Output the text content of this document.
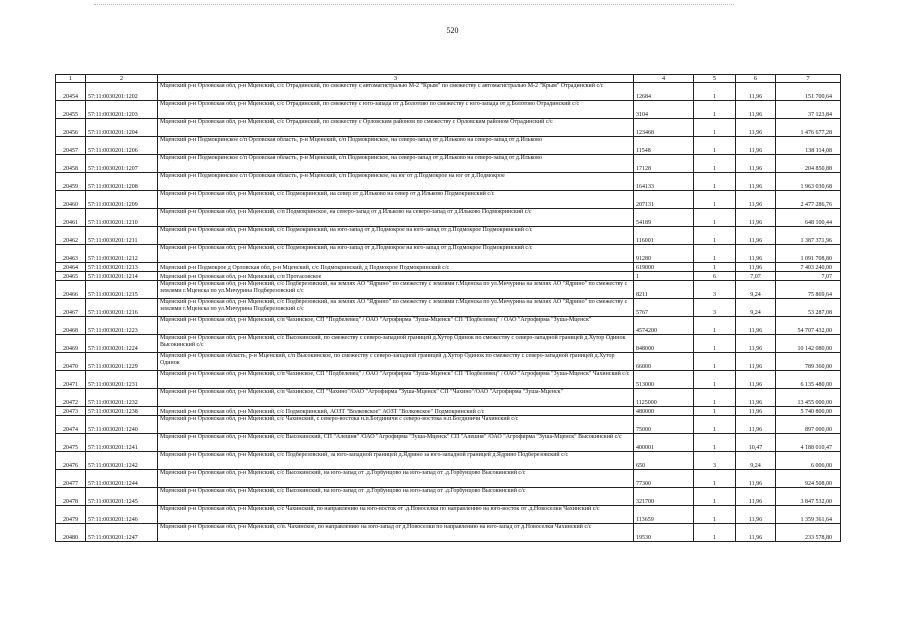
520
1	2	3	4	5	6	7
20454	57:11:0030201:1202	Мценский р-н Орловская обл, р-н Мценский, с/с Отрадинский, по смежеству с автомагистралью М-2 "Крым" по смежеству с автомагистралью М-2 "Крым" Отрадинский с/с	12684	1	11,96	151 700,64
20455	57:11:0030201:1203	Мценский р-н Орловская обл, р-н Мценский, с/с Отрадинский, по смежеству с юго-запада от д.Болотово по смежеству с юго-запада от д.Болотово Отрадинский с/с	3104	1	11,96	37 123,84
20456	57:11:0030201:1204	Мценский р-н Орловская обл, р-н Мценский, с/с Отрадинский, по смежеству с Орловским районом по смежеству с Орловским районом Отрадинский с/с	123468	1	11,96	1 476 677,28
20457	57:11:0030201:1206	Мценский р-н Подмокринское с/п Орловская область, р-н Мценский, с/п Подмокринское, на северо-запад от д.Ильково на северо-запад от д.Ильково	11548	1	11,96	138 114,08
20458	57:11:0030201:1207	Мценский р-н Подмокринское с/п Орловская область, р-н Мценский, с/п Подмокринское, на северо-запад от д.Ильково на северо-запад от д.Ильково	17128	1	11,96	204 850,88
20459	57:11:0030201:1208	Мценский р-н Подмокринское с/п Орловская область, р-н Мценский, с/п Подмокринское, на юг от д.Подмокрое на юг от д.Подмокрое	164133	1	11,96	1 963 030,68
20460	57:11:0030201:1209	Мценский р-н Орловская обл, р-н Мценский, с/с Подмокринский, на север от д.Ильково на север от д.Ильково Подмокринский с/с	207131	1	11,96	2 477 286,76
20461	57:11:0030201:1210	Мценский р-н Орловская обл, р-н Мценский, с/п Подмокринское, на северо-запад от д.Ильково на северо-запад от д.Ильково Подмокринский с/с	54189	1	11,96	648 100,44
20462	57:11:0030201:1211	Мценский р-н Орловская обл, р-н Мценский, с/с Подмокринский, на юго-запад от д.Подмокрое на юго-запад от д.Подмокрое Подмокринский с/с	116001	1	11,96	1 387 371,96
20463	57:11:0030201:1212	Мценский р-н Орловская обл, р-н Мценский, с/с Подмокринский, на юго-запад от д.Подмокрое на юго-запад от д.Подмокрое Подмокринский с/с	91280	1	11,96	1 091 708,80
20464	57:11:0030201:1213	Мценский р-н Подмокрое д Орловская обл, р-н Мценский, с/с Подмокринский, д Подмокрое Подмокринский с/с	619000	1	11,96	7 403 240,00
20465	57:11:0030201:1214	Мценский р-н Орловская обл, р-н Мценский, с/п Протасовское	1	6	7,07	7,07
20466	57:11:0030201:1215	Мценский р-н Орловская обл, р-н Мценский, с/с Подберезовский, на землях АО "Ядрино" по смежеству с землями г.Мценска по ул.Мичурина на землях АО "Ядрино" по смежеству с землями г.Мценска по ул.Мичурина Подберезовский с/с	8211	3	9,24	75 869,64
20467	57:11:0030201:1216	Мценский р-н Орловская обл, р-н Мценский, с/с Подберезовский, на землях АО "Ядрино" по смежеству с землями г.Мценска по ул.Мичурина на землях АО "Ядрино" по смежеству с землями г.Мценска по ул.Мичурина Подберезовский с/с	5767	3	9,24	53 287,08
20468	57:11:0030201:1223	Мценский р-н Орловская обл, р-н Мценский, с/п Чахинское, СП "Подбелевец" / ОАО "Агрофирма "Зуша-Мценск" СП "Подбелевец" / ОАО "Агрофирма "Зуша-Мценск"	4574200	1	11,96	54 707 432,00
20469	57:11:0030201:1224	Мценский р-н Орловская обл, р-н Мценский, с/с Высокинский, по смежеству с северо-западной границей д.Хутор Одинок по смежеству с северо-западной границей д.Хутор Одинок Высокинский с/с	848000	1	11,96	10 142 080,00
20470	57:11:0030201:1229	Мценский р-н Орловская область, р-н Мценский, с/п Высокинское, по смежеству с северо-западной границей д.Хутор Одинок по смежеству с северо-западной границей д.Хутор Одинок	66000	1	11,96	789 360,00
20471	57:11:0030201:1231	Мценский р-н Орловская обл, р-н Мценский, с/п Чахинское, СП "Подбелевец" / ОАО "Агрофирма "Зуша-Мценск" СП "Подбелевец" / ОАО "Агрофирма "Зуша-Мценск" Чахинский с/с	513000	1	11,96	6 135 480,00
20472	57:11:0030201:1232	Мценский р-н Орловская обл, р-н Мценский, с/п Чахинское, СП "Чахино"/ОАО "Агрофирма "Зуша-Мценск" СП "Чахино"/ОАО "Агрофирма "Зуша-Мценск"	1125000	1	11,96	13 455 000,00
20473	57:11:0030201:1238	Мценский р-н Орловская обл, р-н Мценский, с/с Подмокринский, АОЗТ "Волковское" АОЗТ "Волковское" Подмокринский с/с	480000	1	11,96	5 740 800,00
20474	57:11:0030201:1240	Мценский р-н Орловская обл, р-н Мценский, с/с Чахинский, с северо-востока н.п.Богдиничи с северо-востока н.п.Богдиничи Чахинский с/с	75000	1	11,96	897 000,00
20475	57:11:0030201:1241	Мценский р-н Орловская обл, р-н Мценский, с/с Высокинский, СП "Алешня" /ОАО "Агрофирма "Зуша-Мценск" СП "Алешня" /ОАО "Агрофирма "Зуша-Мценск" Высокинский с/с	400001	1	10,47	4 188 010,47
20476	57:11:0030201:1242	Мценский р-н Орловская обл, р-н Мценский, с/с Подберезовский, за юго-западной границей д.Ядрино за юго-западной границей д.Ядрино Подберезовский с/с	650	3	9,24	6 006,00
20477	57:11:0030201:1244	Мценский р-н Орловская обл, р-н Мценский, с/с Высокинский, на юго-запад от .д.Горбунцово на юго-запад от .д.Горбунцово Высокинский с/с	77300	1	11,96	924 508,00
20478	57:11:0030201:1245	Мценский р-н Орловская обл, р-н Мценский, с/с Высокинский, на юго-запад от .д.Горбунцово на юго-запад от .д.Горбунцово Высокинский с/с	321700	1	11,96	3 847 532,00
20479	57:11:0030201:1246	Мценский р-н Орловская обл, р-н Мценский, с/с Чахинский, по направлению на юго-восток от .д.Новоселки по направлению на юго-восток от .д.Новоселки Чахинский с/с	113659	1	11,96	1 359 361,64
20480	57:11:0030201:1247	Мценский р-н Орловская обл, р-н Мценский, с/п. Чахинское, по направлению на юго-запад от д.Новоселки по направлению на юго-запад от д.Новоселки Чахинский с/с	19530	1	11,96	233 578,80
